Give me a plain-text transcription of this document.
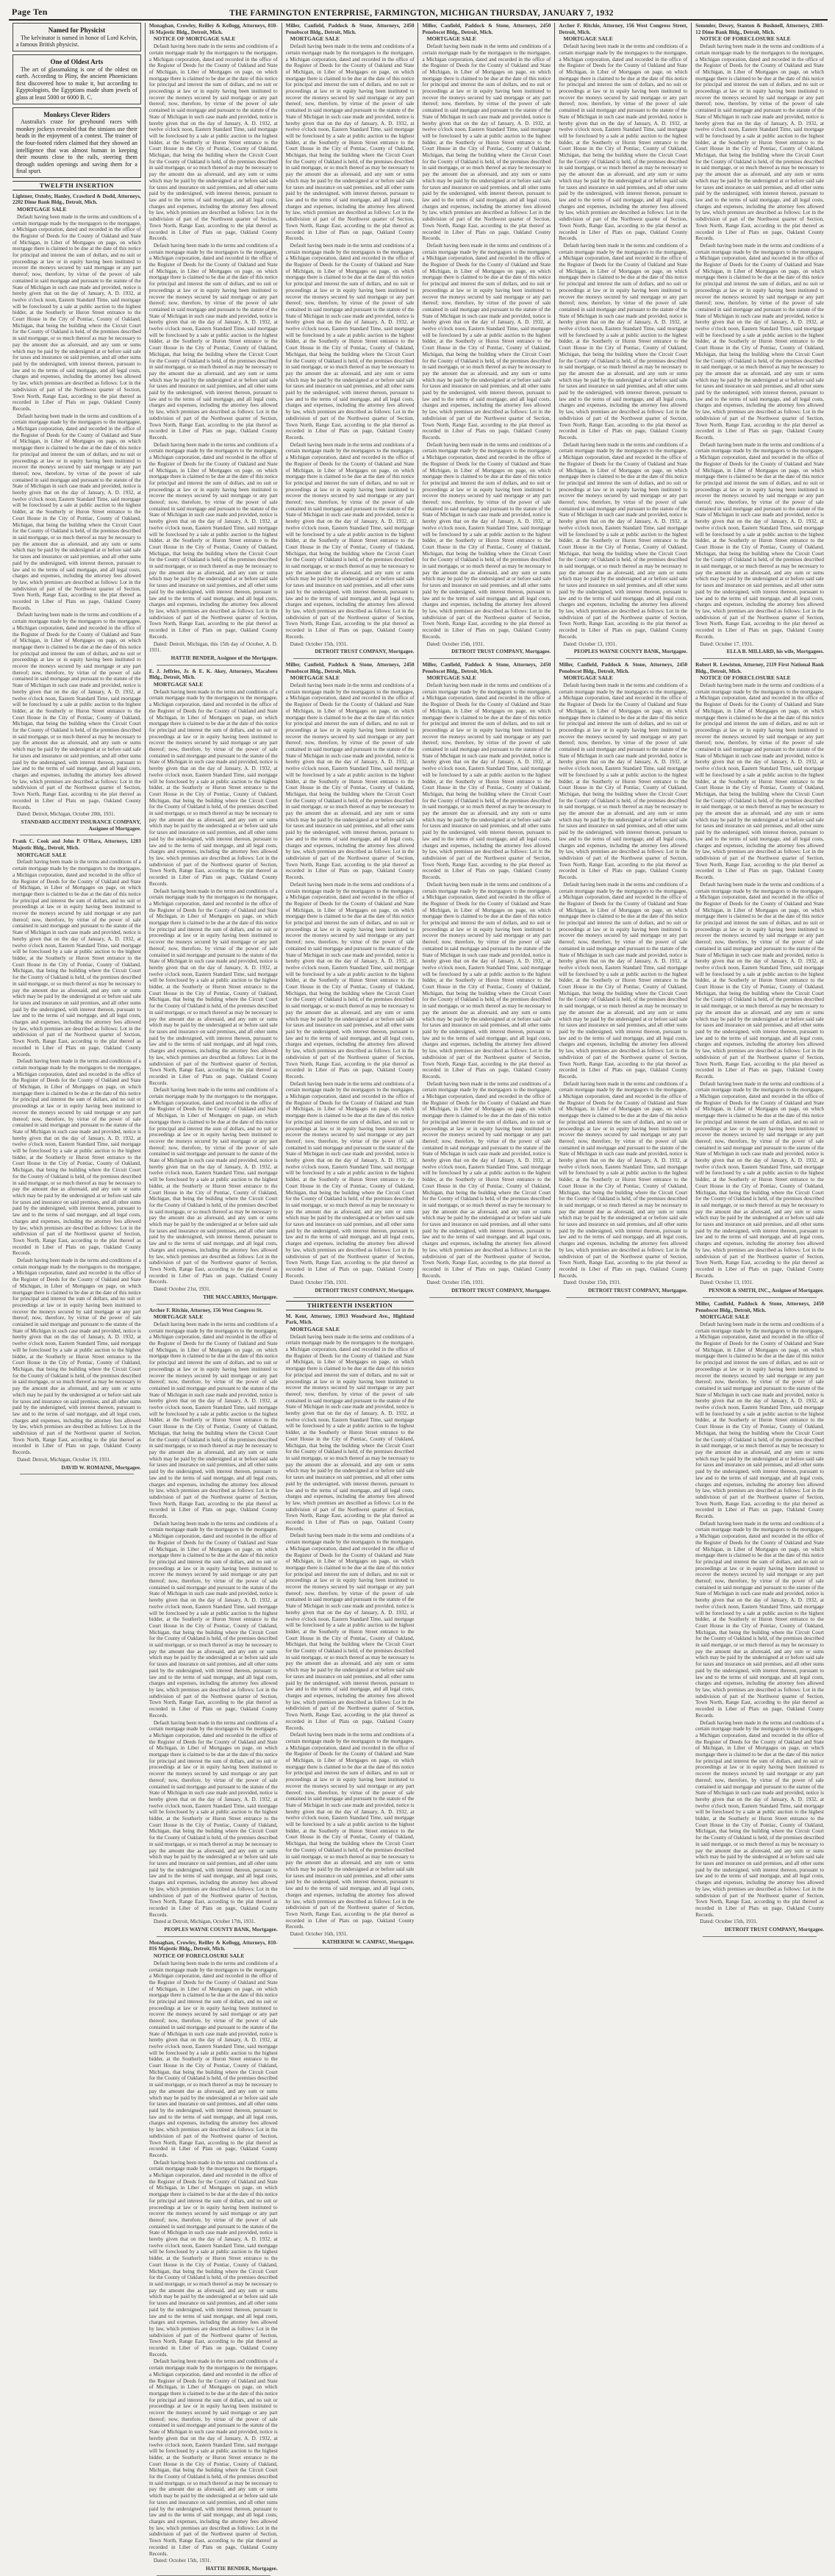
Page Ten	THE FARMINGTON ENTERPRISE, FARMINGTON, MICHIGAN THURSDAY, JANUARY 7, 1932
Named for Physicist

The kelvinator is named in honor of Lord Kelvin, a famous British physicist.

One of Oldest Arts

The art of glassmaking is one of the oldest on earth. According to Pliny, the ancient Phoenicians first discovered how to make it, but according to Egyptologists, the Egyptians made sham jewels of glass at least 5000 or 6000 B. C.

Monkeys Clever Riders

Australia's craze for greyhound races with monkey jockeys revealed that the simians use their heads in the enjoyment of a contest. The trainer of the four-footed riders claimed that they showed an intelligence that was almost human in keeping their mounts close to the rails, steering them through sudden openings and saving them for a final spurt.

TWELFTH INSERTION

Lightner, Oxtoby, Hanley, Crawford & Dodd, Attorneys, 2202 Dime Bank Bldg., Detroit, Mich.

MORTGAGE SALE

Default having been made in the terms and conditions of a certain mortgage made by the mortgagors to the mortgagee, a Michigan corporation, dated and recorded in the office of the Register of Deeds for the County of Oakland and State of Michigan, in Liber of Mortgages on page, on which mortgage there is claimed to be due at the date of this notice for principal and interest the sum of dollars, and no suit or proceedings at law or in equity having been instituted to recover the moneys secured by said mortgage or any part thereof; now, therefore, by virtue of the power of sale contained in said mortgage and pursuant to the statute of the State of Michigan in such case made and provided, notice is hereby given that on the day of January, A. D. 1932, at twelve o'clock noon, Eastern Standard Time, said mortgage will be foreclosed by a sale at public auction to the highest bidder, at the Southerly or Huron Street entrance to the Court House in the City of Pontiac, County of Oakland, Michigan, that being the building where the Circuit Court for the County of Oakland is held, of the premises described in said mortgage, or so much thereof as may be necessary to pay the amount due as aforesaid, and any sum or sums which may be paid by the undersigned at or before said sale for taxes and insurance on said premises, and all other sums paid by the undersigned, with interest thereon, pursuant to law and to the terms of said mortgage, and all legal costs, charges and expenses, including the attorney fees allowed by law, which premises are described as follows: Lot in the subdivision of part of the Northwest quarter of Section, Town North, Range East, according to the plat thereof as recorded in Liber of Plats on page, Oakland County Records.

Default having been made in the terms and conditions of a certain mortgage made by the mortgagors to the mortgagee, a Michigan corporation, dated and recorded in the office of the Register of Deeds for the County of Oakland and State of Michigan, in Liber of Mortgages on page, on which mortgage there is claimed to be due at the date of this notice for principal and interest the sum of dollars, and no suit or proceedings at law or in equity having been instituted to recover the moneys secured by said mortgage or any part thereof; now, therefore, by virtue of the power of sale contained in said mortgage and pursuant to the statute of the State of Michigan in such case made and provided, notice is hereby given that on the day of January, A. D. 1932, at twelve o'clock noon, Eastern Standard Time, said mortgage will be foreclosed by a sale at public auction to the highest bidder, at the Southerly or Huron Street entrance to the Court House in the City of Pontiac, County of Oakland, Michigan, that being the building where the Circuit Court for the County of Oakland is held, of the premises described in said mortgage, or so much thereof as may be necessary to pay the amount due as aforesaid, and any sum or sums which may be paid by the undersigned at or before said sale for taxes and insurance on said premises, and all other sums paid by the undersigned, with interest thereon, pursuant to law and to the terms of said mortgage, and all legal costs, charges and expenses, including the attorney fees allowed by law, which premises are described as follows: Lot in the subdivision of part of the Northwest quarter of Section, Town North, Range East, according to the plat thereof as recorded in Liber of Plats on page, Oakland County Records.

Default having been made in the terms and conditions of a certain mortgage made by the mortgagors to the mortgagee, a Michigan corporation, dated and recorded in the office of the Register of Deeds for the County of Oakland and State of Michigan, in Liber of Mortgages on page, on which mortgage there is claimed to be due at the date of this notice for principal and interest the sum of dollars, and no suit or proceedings at law or in equity having been instituted to recover the moneys secured by said mortgage or any part thereof; now, therefore, by virtue of the power of sale contained in said mortgage and pursuant to the statute of the State of Michigan in such case made and provided, notice is hereby given that on the day of January, A. D. 1932, at twelve o'clock noon, Eastern Standard Time, said mortgage will be foreclosed by a sale at public auction to the highest bidder, at the Southerly or Huron Street entrance to the Court House in the City of Pontiac, County of Oakland, Michigan, that being the building where the Circuit Court for the County of Oakland is held, of the premises described in said mortgage, or so much thereof as may be necessary to pay the amount due as aforesaid, and any sum or sums which may be paid by the undersigned at or before said sale for taxes and insurance on said premises, and all other sums paid by the undersigned, with interest thereon, pursuant to law and to the terms of said mortgage, and all legal costs, charges and expenses, including the attorney fees allowed by law, which premises are described as follows: Lot in the subdivision of part of the Northwest quarter of Section, Town North, Range East, according to the plat thereof as recorded in Liber of Plats on page, Oakland County Records.

Dated: Detroit, Michigan, October 20th, 1931.

STANDARD ACCIDENT INSURANCE COMPANY, Assignee of Mortgagee.

Frank C. Cook and John P. O'Hara, Attorneys, 1203 Majestic Bldg., Detroit, Mich.

MORTGAGE SALE

Default having been made in the terms and conditions of a certain mortgage made by the mortgagors to the mortgagee, a Michigan corporation, dated and recorded in the office of the Register of Deeds for the County of Oakland and State of Michigan, in Liber of Mortgages on page, on which mortgage there is claimed to be due at the date of this notice for principal and interest the sum of dollars, and no suit or proceedings at law or in equity having been instituted to recover the moneys secured by said mortgage or any part thereof; now, therefore, by virtue of the power of sale contained in said mortgage and pursuant to the statute of the State of Michigan in such case made and provided, notice is hereby given that on the day of January, A. D. 1932, at twelve o'clock noon, Eastern Standard Time, said mortgage will be foreclosed by a sale at public auction to the highest bidder, at the Southerly or Huron Street entrance to the Court House in the City of Pontiac, County of Oakland, Michigan, that being the building where the Circuit Court for the County of Oakland is held, of the premises described in said mortgage, or so much thereof as may be necessary to pay the amount due as aforesaid, and any sum or sums which may be paid by the undersigned at or before said sale for taxes and insurance on said premises, and all other sums paid by the undersigned, with interest thereon, pursuant to law and to the terms of said mortgage, and all legal costs, charges and expenses, including the attorney fees allowed by law, which premises are described as follows: Lot in the subdivision of part of the Northwest quarter of Section, Town North, Range East, according to the plat thereof as recorded in Liber of Plats on page, Oakland County Records.

Default having been made in the terms and conditions of a certain mortgage made by the mortgagors to the mortgagee, a Michigan corporation, dated and recorded in the office of the Register of Deeds for the County of Oakland and State of Michigan, in Liber of Mortgages on page, on which mortgage there is claimed to be due at the date of this notice for principal and interest the sum of dollars, and no suit or proceedings at law or in equity having been instituted to recover the moneys secured by said mortgage or any part thereof; now, therefore, by virtue of the power of sale contained in said mortgage and pursuant to the statute of the State of Michigan in such case made and provided, notice is hereby given that on the day of January, A. D. 1932, at twelve o'clock noon, Eastern Standard Time, said mortgage will be foreclosed by a sale at public auction to the highest bidder, at the Southerly or Huron Street entrance to the Court House in the City of Pontiac, County of Oakland, Michigan, that being the building where the Circuit Court for the County of Oakland is held, of the premises described in said mortgage, or so much thereof as may be necessary to pay the amount due as aforesaid, and any sum or sums which may be paid by the undersigned at or before said sale for taxes and insurance on said premises, and all other sums paid by the undersigned, with interest thereon, pursuant to law and to the terms of said mortgage, and all legal costs, charges and expenses, including the attorney fees allowed by law, which premises are described as follows: Lot in the subdivision of part of the Northwest quarter of Section, Town North, Range East, according to the plat thereof as recorded in Liber of Plats on page, Oakland County Records.

Default having been made in the terms and conditions of a certain mortgage made by the mortgagors to the mortgagee, a Michigan corporation, dated and recorded in the office of the Register of Deeds for the County of Oakland and State of Michigan, in Liber of Mortgages on page, on which mortgage there is claimed to be due at the date of this notice for principal and interest the sum of dollars, and no suit or proceedings at law or in equity having been instituted to recover the moneys secured by said mortgage or any part thereof; now, therefore, by virtue of the power of sale contained in said mortgage and pursuant to the statute of the State of Michigan in such case made and provided, notice is hereby given that on the day of January, A. D. 1932, at twelve o'clock noon, Eastern Standard Time, said mortgage will be foreclosed by a sale at public auction to the highest bidder, at the Southerly or Huron Street entrance to the Court House in the City of Pontiac, County of Oakland, Michigan, that being the building where the Circuit Court for the County of Oakland is held, of the premises described in said mortgage, or so much thereof as may be necessary to pay the amount due as aforesaid, and any sum or sums which may be paid by the undersigned at or before said sale for taxes and insurance on said premises, and all other sums paid by the undersigned, with interest thereon, pursuant to law and to the terms of said mortgage, and all legal costs, charges and expenses, including the attorney fees allowed by law, which premises are described as follows: Lot in the subdivision of part of the Northwest quarter of Section, Town North, Range East, according to the plat thereof as recorded in Liber of Plats on page, Oakland County Records.

Dated: Detroit, Michigan, October 19, 1931.

DAVID W. ROMAINE, Mortgagee.

Monaghan, Crowley, Reilley & Kellogg, Attorneys, 810-16 Majestic Bldg., Detroit, Mich.

NOTICE OF MORTGAGE SALE

Default having been made in the terms and conditions of a certain mortgage made by the mortgagors to the mortgagee, a Michigan corporation, dated and recorded in the office of the Register of Deeds for the County of Oakland and State of Michigan, in Liber of Mortgages on page, on which mortgage there is claimed to be due at the date of this notice for principal and interest the sum of dollars, and no suit or proceedings at law or in equity having been instituted to recover the moneys secured by said mortgage or any part thereof; now, therefore, by virtue of the power of sale contained in said mortgage and pursuant to the statute of the State of Michigan in such case made and provided, notice is hereby given that on the day of January, A. D. 1932, at twelve o'clock noon, Eastern Standard Time, said mortgage will be foreclosed by a sale at public auction to the highest bidder, at the Southerly or Huron Street entrance to the Court House in the City of Pontiac, County of Oakland, Michigan, that being the building where the Circuit Court for the County of Oakland is held, of the premises described in said mortgage, or so much thereof as may be necessary to pay the amount due as aforesaid, and any sum or sums which may be paid by the undersigned at or before said sale for taxes and insurance on said premises, and all other sums paid by the undersigned, with interest thereon, pursuant to law and to the terms of said mortgage, and all legal costs, charges and expenses, including the attorney fees allowed by law, which premises are described as follows: Lot in the subdivision of part of the Northwest quarter of Section, Town North, Range East, according to the plat thereof as recorded in Liber of Plats on page, Oakland County Records.

Default having been made in the terms and conditions of a certain mortgage made by the mortgagors to the mortgagee, a Michigan corporation, dated and recorded in the office of the Register of Deeds for the County of Oakland and State of Michigan, in Liber of Mortgages on page, on which mortgage there is claimed to be due at the date of this notice for principal and interest the sum of dollars, and no suit or proceedings at law or in equity having been instituted to recover the moneys secured by said mortgage or any part thereof; now, therefore, by virtue of the power of sale contained in said mortgage and pursuant to the statute of the State of Michigan in such case made and provided, notice is hereby given that on the day of January, A. D. 1932, at twelve o'clock noon, Eastern Standard Time, said mortgage will be foreclosed by a sale at public auction to the highest bidder, at the Southerly or Huron Street entrance to the Court House in the City of Pontiac, County of Oakland, Michigan, that being the building where the Circuit Court for the County of Oakland is held, of the premises described in said mortgage, or so much thereof as may be necessary to pay the amount due as aforesaid, and any sum or sums which may be paid by the undersigned at or before said sale for taxes and insurance on said premises, and all other sums paid by the undersigned, with interest thereon, pursuant to law and to the terms of said mortgage, and all legal costs, charges and expenses, including the attorney fees allowed by law, which premises are described as follows: Lot in the subdivision of part of the Northwest quarter of Section, Town North, Range East, according to the plat thereof as recorded in Liber of Plats on page, Oakland County Records.

Default having been made in the terms and conditions of a certain mortgage made by the mortgagors to the mortgagee, a Michigan corporation, dated and recorded in the office of the Register of Deeds for the County of Oakland and State of Michigan, in Liber of Mortgages on page, on which mortgage there is claimed to be due at the date of this notice for principal and interest the sum of dollars, and no suit or proceedings at law or in equity having been instituted to recover the moneys secured by said mortgage or any part thereof; now, therefore, by virtue of the power of sale contained in said mortgage and pursuant to the statute of the State of Michigan in such case made and provided, notice is hereby given that on the day of January, A. D. 1932, at twelve o'clock noon, Eastern Standard Time, said mortgage will be foreclosed by a sale at public auction to the highest bidder, at the Southerly or Huron Street entrance to the Court House in the City of Pontiac, County of Oakland, Michigan, that being the building where the Circuit Court for the County of Oakland is held, of the premises described in said mortgage, or so much thereof as may be necessary to pay the amount due as aforesaid, and any sum or sums which may be paid by the undersigned at or before said sale for taxes and insurance on said premises, and all other sums paid by the undersigned, with interest thereon, pursuant to law and to the terms of said mortgage, and all legal costs, charges and expenses, including the attorney fees allowed by law, which premises are described as follows: Lot in the subdivision of part of the Northwest quarter of Section, Town North, Range East, according to the plat thereof as recorded in Liber of Plats on page, Oakland County Records.

Dated: Detroit, Michigan, this 15th day of October, A. D. 1931.

HATTIE BENDER, Assignee of the Mortgagee.

E. J. Jeffries, Jr. & E. K. Akey, Attorneys, Macabees Bldg., Detroit, Mich.

MORTGAGE SALE

Default having been made in the terms and conditions of a certain mortgage made by the mortgagors to the mortgagee, a Michigan corporation, dated and recorded in the office of the Register of Deeds for the County of Oakland and State of Michigan, in Liber of Mortgages on page, on which mortgage there is claimed to be due at the date of this notice for principal and interest the sum of dollars, and no suit or proceedings at law or in equity having been instituted to recover the moneys secured by said mortgage or any part thereof; now, therefore, by virtue of the power of sale contained in said mortgage and pursuant to the statute of the State of Michigan in such case made and provided, notice is hereby given that on the day of January, A. D. 1932, at twelve o'clock noon, Eastern Standard Time, said mortgage will be foreclosed by a sale at public auction to the highest bidder, at the Southerly or Huron Street entrance to the Court House in the City of Pontiac, County of Oakland, Michigan, that being the building where the Circuit Court for the County of Oakland is held, of the premises described in said mortgage, or so much thereof as may be necessary to pay the amount due as aforesaid, and any sum or sums which may be paid by the undersigned at or before said sale for taxes and insurance on said premises, and all other sums paid by the undersigned, with interest thereon, pursuant to law and to the terms of said mortgage, and all legal costs, charges and expenses, including the attorney fees allowed by law, which premises are described as follows: Lot in the subdivision of part of the Northwest quarter of Section, Town North, Range East, according to the plat thereof as recorded in Liber of Plats on page, Oakland County Records.

Default having been made in the terms and conditions of a certain mortgage made by the mortgagors to the mortgagee, a Michigan corporation, dated and recorded in the office of the Register of Deeds for the County of Oakland and State of Michigan, in Liber of Mortgages on page, on which mortgage there is claimed to be due at the date of this notice for principal and interest the sum of dollars, and no suit or proceedings at law or in equity having been instituted to recover the moneys secured by said mortgage or any part thereof; now, therefore, by virtue of the power of sale contained in said mortgage and pursuant to the statute of the State of Michigan in such case made and provided, notice is hereby given that on the day of January, A. D. 1932, at twelve o'clock noon, Eastern Standard Time, said mortgage will be foreclosed by a sale at public auction to the highest bidder, at the Southerly or Huron Street entrance to the Court House in the City of Pontiac, County of Oakland, Michigan, that being the building where the Circuit Court for the County of Oakland is held, of the premises described in said mortgage, or so much thereof as may be necessary to pay the amount due as aforesaid, and any sum or sums which may be paid by the undersigned at or before said sale for taxes and insurance on said premises, and all other sums paid by the undersigned, with interest thereon, pursuant to law and to the terms of said mortgage, and all legal costs, charges and expenses, including the attorney fees allowed by law, which premises are described as follows: Lot in the subdivision of part of the Northwest quarter of Section, Town North, Range East, according to the plat thereof as recorded in Liber of Plats on page, Oakland County Records.

Default having been made in the terms and conditions of a certain mortgage made by the mortgagors to the mortgagee, a Michigan corporation, dated and recorded in the office of the Register of Deeds for the County of Oakland and State of Michigan, in Liber of Mortgages on page, on which mortgage there is claimed to be due at the date of this notice for principal and interest the sum of dollars, and no suit or proceedings at law or in equity having been instituted to recover the moneys secured by said mortgage or any part thereof; now, therefore, by virtue of the power of sale contained in said mortgage and pursuant to the statute of the State of Michigan in such case made and provided, notice is hereby given that on the day of January, A. D. 1932, at twelve o'clock noon, Eastern Standard Time, said mortgage will be foreclosed by a sale at public auction to the highest bidder, at the Southerly or Huron Street entrance to the Court House in the City of Pontiac, County of Oakland, Michigan, that being the building where the Circuit Court for the County of Oakland is held, of the premises described in said mortgage, or so much thereof as may be necessary to pay the amount due as aforesaid, and any sum or sums which may be paid by the undersigned at or before said sale for taxes and insurance on said premises, and all other sums paid by the undersigned, with interest thereon, pursuant to law and to the terms of said mortgage, and all legal costs, charges and expenses, including the attorney fees allowed by law, which premises are described as follows: Lot in the subdivision of part of the Northwest quarter of Section, Town North, Range East, according to the plat thereof as recorded in Liber of Plats on page, Oakland County Records.

Dated: October 21st, 1931.

THE MACCABEES, Mortgagee.

Archer F. Ritchie, Attorney, 156 West Congress St.

MORTGAGE SALE

Default having been made in the terms and conditions of a certain mortgage made by the mortgagors to the mortgagee, a Michigan corporation, dated and recorded in the office of the Register of Deeds for the County of Oakland and State of Michigan, in Liber of Mortgages on page, on which mortgage there is claimed to be due at the date of this notice for principal and interest the sum of dollars, and no suit or proceedings at law or in equity having been instituted to recover the moneys secured by said mortgage or any part thereof; now, therefore, by virtue of the power of sale contained in said mortgage and pursuant to the statute of the State of Michigan in such case made and provided, notice is hereby given that on the day of January, A. D. 1932, at twelve o'clock noon, Eastern Standard Time, said mortgage will be foreclosed by a sale at public auction to the highest bidder, at the Southerly or Huron Street entrance to the Court House in the City of Pontiac, County of Oakland, Michigan, that being the building where the Circuit Court for the County of Oakland is held, of the premises described in said mortgage, or so much thereof as may be necessary to pay the amount due as aforesaid, and any sum or sums which may be paid by the undersigned at or before said sale for taxes and insurance on said premises, and all other sums paid by the undersigned, with interest thereon, pursuant to law and to the terms of said mortgage, and all legal costs, charges and expenses, including the attorney fees allowed by law, which premises are described as follows: Lot in the subdivision of part of the Northwest quarter of Section, Town North, Range East, according to the plat thereof as recorded in Liber of Plats on page, Oakland County Records.

Default having been made in the terms and conditions of a certain mortgage made by the mortgagors to the mortgagee, a Michigan corporation, dated and recorded in the office of the Register of Deeds for the County of Oakland and State of Michigan, in Liber of Mortgages on page, on which mortgage there is claimed to be due at the date of this notice for principal and interest the sum of dollars, and no suit or proceedings at law or in equity having been instituted to recover the moneys secured by said mortgage or any part thereof; now, therefore, by virtue of the power of sale contained in said mortgage and pursuant to the statute of the State of Michigan in such case made and provided, notice is hereby given that on the day of January, A. D. 1932, at twelve o'clock noon, Eastern Standard Time, said mortgage will be foreclosed by a sale at public auction to the highest bidder, at the Southerly or Huron Street entrance to the Court House in the City of Pontiac, County of Oakland, Michigan, that being the building where the Circuit Court for the County of Oakland is held, of the premises described in said mortgage, or so much thereof as may be necessary to pay the amount due as aforesaid, and any sum or sums which may be paid by the undersigned at or before said sale for taxes and insurance on said premises, and all other sums paid by the undersigned, with interest thereon, pursuant to law and to the terms of said mortgage, and all legal costs, charges and expenses, including the attorney fees allowed by law, which premises are described as follows: Lot in the subdivision of part of the Northwest quarter of Section, Town North, Range East, according to the plat thereof as recorded in Liber of Plats on page, Oakland County Records.

Default having been made in the terms and conditions of a certain mortgage made by the mortgagors to the mortgagee, a Michigan corporation, dated and recorded in the office of the Register of Deeds for the County of Oakland and State of Michigan, in Liber of Mortgages on page, on which mortgage there is claimed to be due at the date of this notice for principal and interest the sum of dollars, and no suit or proceedings at law or in equity having been instituted to recover the moneys secured by said mortgage or any part thereof; now, therefore, by virtue of the power of sale contained in said mortgage and pursuant to the statute of the State of Michigan in such case made and provided, notice is hereby given that on the day of January, A. D. 1932, at twelve o'clock noon, Eastern Standard Time, said mortgage will be foreclosed by a sale at public auction to the highest bidder, at the Southerly or Huron Street entrance to the Court House in the City of Pontiac, County of Oakland, Michigan, that being the building where the Circuit Court for the County of Oakland is held, of the premises described in said mortgage, or so much thereof as may be necessary to pay the amount due as aforesaid, and any sum or sums which may be paid by the undersigned at or before said sale for taxes and insurance on said premises, and all other sums paid by the undersigned, with interest thereon, pursuant to law and to the terms of said mortgage, and all legal costs, charges and expenses, including the attorney fees allowed by law, which premises are described as follows: Lot in the subdivision of part of the Northwest quarter of Section, Town North, Range East, according to the plat thereof as recorded in Liber of Plats on page, Oakland County Records.

Dated at Detroit, Michigan, October 17th, 1931.

PEOPLES WAYNE COUNTY BANK, Mortgagee.

Monaghan, Crowley, Reilley & Kellogg, Attorneys, 810-816 Majestic Bldg., Detroit, Mich.

NOTICE OF FORECLOSURE SALE

Default having been made in the terms and conditions of a certain mortgage made by the mortgagors to the mortgagee, a Michigan corporation, dated and recorded in the office of the Register of Deeds for the County of Oakland and State of Michigan, in Liber of Mortgages on page, on which mortgage there is claimed to be due at the date of this notice for principal and interest the sum of dollars, and no suit or proceedings at law or in equity having been instituted to recover the moneys secured by said mortgage or any part thereof; now, therefore, by virtue of the power of sale contained in said mortgage and pursuant to the statute of the State of Michigan in such case made and provided, notice is hereby given that on the day of January, A. D. 1932, at twelve o'clock noon, Eastern Standard Time, said mortgage will be foreclosed by a sale at public auction to the highest bidder, at the Southerly or Huron Street entrance to the Court House in the City of Pontiac, County of Oakland, Michigan, that being the building where the Circuit Court for the County of Oakland is held, of the premises described in said mortgage, or so much thereof as may be necessary to pay the amount due as aforesaid, and any sum or sums which may be paid by the undersigned at or before said sale for taxes and insurance on said premises, and all other sums paid by the undersigned, with interest thereon, pursuant to law and to the terms of said mortgage, and all legal costs, charges and expenses, including the attorney fees allowed by law, which premises are described as follows: Lot in the subdivision of part of the Northwest quarter of Section, Town North, Range East, according to the plat thereof as recorded in Liber of Plats on page, Oakland County Records.

Default having been made in the terms and conditions of a certain mortgage made by the mortgagors to the mortgagee, a Michigan corporation, dated and recorded in the office of the Register of Deeds for the County of Oakland and State of Michigan, in Liber of Mortgages on page, on which mortgage there is claimed to be due at the date of this notice for principal and interest the sum of dollars, and no suit or proceedings at law or in equity having been instituted to recover the moneys secured by said mortgage or any part thereof; now, therefore, by virtue of the power of sale contained in said mortgage and pursuant to the statute of the State of Michigan in such case made and provided, notice is hereby given that on the day of January, A. D. 1932, at twelve o'clock noon, Eastern Standard Time, said mortgage will be foreclosed by a sale at public auction to the highest bidder, at the Southerly or Huron Street entrance to the Court House in the City of Pontiac, County of Oakland, Michigan, that being the building where the Circuit Court for the County of Oakland is held, of the premises described in said mortgage, or so much thereof as may be necessary to pay the amount due as aforesaid, and any sum or sums which may be paid by the undersigned at or before said sale for taxes and insurance on said premises, and all other sums paid by the undersigned, with interest thereon, pursuant to law and to the terms of said mortgage, and all legal costs, charges and expenses, including the attorney fees allowed by law, which premises are described as follows: Lot in the subdivision of part of the Northwest quarter of Section, Town North, Range East, according to the plat thereof as recorded in Liber of Plats on page, Oakland County Records.

Default having been made in the terms and conditions of a certain mortgage made by the mortgagors to the mortgagee, a Michigan corporation, dated and recorded in the office of the Register of Deeds for the County of Oakland and State of Michigan, in Liber of Mortgages on page, on which mortgage there is claimed to be due at the date of this notice for principal and interest the sum of dollars, and no suit or proceedings at law or in equity having been instituted to recover the moneys secured by said mortgage or any part thereof; now, therefore, by virtue of the power of sale contained in said mortgage and pursuant to the statute of the State of Michigan in such case made and provided, notice is hereby given that on the day of January, A. D. 1932, at twelve o'clock noon, Eastern Standard Time, said mortgage will be foreclosed by a sale at public auction to the highest bidder, at the Southerly or Huron Street entrance to the Court House in the City of Pontiac, County of Oakland, Michigan, that being the building where the Circuit Court for the County of Oakland is held, of the premises described in said mortgage, or so much thereof as may be necessary to pay the amount due as aforesaid, and any sum or sums which may be paid by the undersigned at or before said sale for taxes and insurance on said premises, and all other sums paid by the undersigned, with interest thereon, pursuant to law and to the terms of said mortgage, and all legal costs, charges and expenses, including the attorney fees allowed by law, which premises are described as follows: Lot in the subdivision of part of the Northwest quarter of Section, Town North, Range East, according to the plat thereof as recorded in Liber of Plats on page, Oakland County Records.

Dated: October 15th, 1931.

HATTIE BENDER, Mortgagee.

Miller, Canfield, Paddock & Stone, Attorneys, 2450 Penobscot Bldg., Detroit, Mich.

MORTGAGE SALE

Default having been made in the terms and conditions of a certain mortgage made by the mortgagors to the mortgagee, a Michigan corporation, dated and recorded in the office of the Register of Deeds for the County of Oakland and State of Michigan, in Liber of Mortgages on page, on which mortgage there is claimed to be due at the date of this notice for principal and interest the sum of dollars, and no suit or proceedings at law or in equity having been instituted to recover the moneys secured by said mortgage or any part thereof; now, therefore, by virtue of the power of sale contained in said mortgage and pursuant to the statute of the State of Michigan in such case made and provided, notice is hereby given that on the day of January, A. D. 1932, at twelve o'clock noon, Eastern Standard Time, said mortgage will be foreclosed by a sale at public auction to the highest bidder, at the Southerly or Huron Street entrance to the Court House in the City of Pontiac, County of Oakland, Michigan, that being the building where the Circuit Court for the County of Oakland is held, of the premises described in said mortgage, or so much thereof as may be necessary to pay the amount due as aforesaid, and any sum or sums which may be paid by the undersigned at or before said sale for taxes and insurance on said premises, and all other sums paid by the undersigned, with interest thereon, pursuant to law and to the terms of said mortgage, and all legal costs, charges and expenses, including the attorney fees allowed by law, which premises are described as follows: Lot in the subdivision of part of the Northwest quarter of Section, Town North, Range East, according to the plat thereof as recorded in Liber of Plats on page, Oakland County Records.

Default having been made in the terms and conditions of a certain mortgage made by the mortgagors to the mortgagee, a Michigan corporation, dated and recorded in the office of the Register of Deeds for the County of Oakland and State of Michigan, in Liber of Mortgages on page, on which mortgage there is claimed to be due at the date of this notice for principal and interest the sum of dollars, and no suit or proceedings at law or in equity having been instituted to recover the moneys secured by said mortgage or any part thereof; now, therefore, by virtue of the power of sale contained in said mortgage and pursuant to the statute of the State of Michigan in such case made and provided, notice is hereby given that on the day of January, A. D. 1932, at twelve o'clock noon, Eastern Standard Time, said mortgage will be foreclosed by a sale at public auction to the highest bidder, at the Southerly or Huron Street entrance to the Court House in the City of Pontiac, County of Oakland, Michigan, that being the building where the Circuit Court for the County of Oakland is held, of the premises described in said mortgage, or so much thereof as may be necessary to pay the amount due as aforesaid, and any sum or sums which may be paid by the undersigned at or before said sale for taxes and insurance on said premises, and all other sums paid by the undersigned, with interest thereon, pursuant to law and to the terms of said mortgage, and all legal costs, charges and expenses, including the attorney fees allowed by law, which premises are described as follows: Lot in the subdivision of part of the Northwest quarter of Section, Town North, Range East, according to the plat thereof as recorded in Liber of Plats on page, Oakland County Records.

Default having been made in the terms and conditions of a certain mortgage made by the mortgagors to the mortgagee, a Michigan corporation, dated and recorded in the office of the Register of Deeds for the County of Oakland and State of Michigan, in Liber of Mortgages on page, on which mortgage there is claimed to be due at the date of this notice for principal and interest the sum of dollars, and no suit or proceedings at law or in equity having been instituted to recover the moneys secured by said mortgage or any part thereof; now, therefore, by virtue of the power of sale contained in said mortgage and pursuant to the statute of the State of Michigan in such case made and provided, notice is hereby given that on the day of January, A. D. 1932, at twelve o'clock noon, Eastern Standard Time, said mortgage will be foreclosed by a sale at public auction to the highest bidder, at the Southerly or Huron Street entrance to the Court House in the City of Pontiac, County of Oakland, Michigan, that being the building where the Circuit Court for the County of Oakland is held, of the premises described in said mortgage, or so much thereof as may be necessary to pay the amount due as aforesaid, and any sum or sums which may be paid by the undersigned at or before said sale for taxes and insurance on said premises, and all other sums paid by the undersigned, with interest thereon, pursuant to law and to the terms of said mortgage, and all legal costs, charges and expenses, including the attorney fees allowed by law, which premises are described as follows: Lot in the subdivision of part of the Northwest quarter of Section, Town North, Range East, according to the plat thereof as recorded in Liber of Plats on page, Oakland County Records.

Dated: October 15th, 1931.

DETROIT TRUST COMPANY, Mortgagee.

Miller, Canfield, Paddock & Stone, Attorneys, 2450 Penobscot Bldg., Detroit, Mich.

MORTGAGE SALE

Default having been made in the terms and conditions of a certain mortgage made by the mortgagors to the mortgagee, a Michigan corporation, dated and recorded in the office of the Register of Deeds for the County of Oakland and State of Michigan, in Liber of Mortgages on page, on which mortgage there is claimed to be due at the date of this notice for principal and interest the sum of dollars, and no suit or proceedings at law or in equity having been instituted to recover the moneys secured by said mortgage or any part thereof; now, therefore, by virtue of the power of sale contained in said mortgage and pursuant to the statute of the State of Michigan in such case made and provided, notice is hereby given that on the day of January, A. D. 1932, at twelve o'clock noon, Eastern Standard Time, said mortgage will be foreclosed by a sale at public auction to the highest bidder, at the Southerly or Huron Street entrance to the Court House in the City of Pontiac, County of Oakland, Michigan, that being the building where the Circuit Court for the County of Oakland is held, of the premises described in said mortgage, or so much thereof as may be necessary to pay the amount due as aforesaid, and any sum or sums which may be paid by the undersigned at or before said sale for taxes and insurance on said premises, and all other sums paid by the undersigned, with interest thereon, pursuant to law and to the terms of said mortgage, and all legal costs, charges and expenses, including the attorney fees allowed by law, which premises are described as follows: Lot in the subdivision of part of the Northwest quarter of Section, Town North, Range East, according to the plat thereof as recorded in Liber of Plats on page, Oakland County Records.

Default having been made in the terms and conditions of a certain mortgage made by the mortgagors to the mortgagee, a Michigan corporation, dated and recorded in the office of the Register of Deeds for the County of Oakland and State of Michigan, in Liber of Mortgages on page, on which mortgage there is claimed to be due at the date of this notice for principal and interest the sum of dollars, and no suit or proceedings at law or in equity having been instituted to recover the moneys secured by said mortgage or any part thereof; now, therefore, by virtue of the power of sale contained in said mortgage and pursuant to the statute of the State of Michigan in such case made and provided, notice is hereby given that on the day of January, A. D. 1932, at twelve o'clock noon, Eastern Standard Time, said mortgage will be foreclosed by a sale at public auction to the highest bidder, at the Southerly or Huron Street entrance to the Court House in the City of Pontiac, County of Oakland, Michigan, that being the building where the Circuit Court for the County of Oakland is held, of the premises described in said mortgage, or so much thereof as may be necessary to pay the amount due as aforesaid, and any sum or sums which may be paid by the undersigned at or before said sale for taxes and insurance on said premises, and all other sums paid by the undersigned, with interest thereon, pursuant to law and to the terms of said mortgage, and all legal costs, charges and expenses, including the attorney fees allowed by law, which premises are described as follows: Lot in the subdivision of part of the Northwest quarter of Section, Town North, Range East, according to the plat thereof as recorded in Liber of Plats on page, Oakland County Records.

Default having been made in the terms and conditions of a certain mortgage made by the mortgagors to the mortgagee, a Michigan corporation, dated and recorded in the office of the Register of Deeds for the County of Oakland and State of Michigan, in Liber of Mortgages on page, on which mortgage there is claimed to be due at the date of this notice for principal and interest the sum of dollars, and no suit or proceedings at law or in equity having been instituted to recover the moneys secured by said mortgage or any part thereof; now, therefore, by virtue of the power of sale contained in said mortgage and pursuant to the statute of the State of Michigan in such case made and provided, notice is hereby given that on the day of January, A. D. 1932, at twelve o'clock noon, Eastern Standard Time, said mortgage will be foreclosed by a sale at public auction to the highest bidder, at the Southerly or Huron Street entrance to the Court House in the City of Pontiac, County of Oakland, Michigan, that being the building where the Circuit Court for the County of Oakland is held, of the premises described in said mortgage, or so much thereof as may be necessary to pay the amount due as aforesaid, and any sum or sums which may be paid by the undersigned at or before said sale for taxes and insurance on said premises, and all other sums paid by the undersigned, with interest thereon, pursuant to law and to the terms of said mortgage, and all legal costs, charges and expenses, including the attorney fees allowed by law, which premises are described as follows: Lot in the subdivision of part of the Northwest quarter of Section, Town North, Range East, according to the plat thereof as recorded in Liber of Plats on page, Oakland County Records.

Dated: October 15th, 1931.

DETROIT TRUST COMPANY, Mortgagee.

THIRTEENTH INSERTION

M. Kent, Attorney, 13913 Woodward Ave., Highland Park, Mich.

MORTGAGE SALE

Default having been made in the terms and conditions of a certain mortgage made by the mortgagors to the mortgagee, a Michigan corporation, dated and recorded in the office of the Register of Deeds for the County of Oakland and State of Michigan, in Liber of Mortgages on page, on which mortgage there is claimed to be due at the date of this notice for principal and interest the sum of dollars, and no suit or proceedings at law or in equity having been instituted to recover the moneys secured by said mortgage or any part thereof; now, therefore, by virtue of the power of sale contained in said mortgage and pursuant to the statute of the State of Michigan in such case made and provided, notice is hereby given that on the day of January, A. D. 1932, at twelve o'clock noon, Eastern Standard Time, said mortgage will be foreclosed by a sale at public auction to the highest bidder, at the Southerly or Huron Street entrance to the Court House in the City of Pontiac, County of Oakland, Michigan, that being the building where the Circuit Court for the County of Oakland is held, of the premises described in said mortgage, or so much thereof as may be necessary to pay the amount due as aforesaid, and any sum or sums which may be paid by the undersigned at or before said sale for taxes and insurance on said premises, and all other sums paid by the undersigned, with interest thereon, pursuant to law and to the terms of said mortgage, and all legal costs, charges and expenses, including the attorney fees allowed by law, which premises are described as follows: Lot in the subdivision of part of the Northwest quarter of Section, Town North, Range East, according to the plat thereof as recorded in Liber of Plats on page, Oakland County Records.

Default having been made in the terms and conditions of a certain mortgage made by the mortgagors to the mortgagee, a Michigan corporation, dated and recorded in the office of the Register of Deeds for the County of Oakland and State of Michigan, in Liber of Mortgages on page, on which mortgage there is claimed to be due at the date of this notice for principal and interest the sum of dollars, and no suit or proceedings at law or in equity having been instituted to recover the moneys secured by said mortgage or any part thereof; now, therefore, by virtue of the power of sale contained in said mortgage and pursuant to the statute of the State of Michigan in such case made and provided, notice is hereby given that on the day of January, A. D. 1932, at twelve o'clock noon, Eastern Standard Time, said mortgage will be foreclosed by a sale at public auction to the highest bidder, at the Southerly or Huron Street entrance to the Court House in the City of Pontiac, County of Oakland, Michigan, that being the building where the Circuit Court for the County of Oakland is held, of the premises described in said mortgage, or so much thereof as may be necessary to pay the amount due as aforesaid, and any sum or sums which may be paid by the undersigned at or before said sale for taxes and insurance on said premises, and all other sums paid by the undersigned, with interest thereon, pursuant to law and to the terms of said mortgage, and all legal costs, charges and expenses, including the attorney fees allowed by law, which premises are described as follows: Lot in the subdivision of part of the Northwest quarter of Section, Town North, Range East, according to the plat thereof as recorded in Liber of Plats on page, Oakland County Records.

Default having been made in the terms and conditions of a certain mortgage made by the mortgagors to the mortgagee, a Michigan corporation, dated and recorded in the office of the Register of Deeds for the County of Oakland and State of Michigan, in Liber of Mortgages on page, on which mortgage there is claimed to be due at the date of this notice for principal and interest the sum of dollars, and no suit or proceedings at law or in equity having been instituted to recover the moneys secured by said mortgage or any part thereof; now, therefore, by virtue of the power of sale contained in said mortgage and pursuant to the statute of the State of Michigan in such case made and provided, notice is hereby given that on the day of January, A. D. 1932, at twelve o'clock noon, Eastern Standard Time, said mortgage will be foreclosed by a sale at public auction to the highest bidder, at the Southerly or Huron Street entrance to the Court House in the City of Pontiac, County of Oakland, Michigan, that being the building where the Circuit Court for the County of Oakland is held, of the premises described in said mortgage, or so much thereof as may be necessary to pay the amount due as aforesaid, and any sum or sums which may be paid by the undersigned at or before said sale for taxes and insurance on said premises, and all other sums paid by the undersigned, with interest thereon, pursuant to law and to the terms of said mortgage, and all legal costs, charges and expenses, including the attorney fees allowed by law, which premises are described as follows: Lot in the subdivision of part of the Northwest quarter of Section, Town North, Range East, according to the plat thereof as recorded in Liber of Plats on page, Oakland County Records.

Dated: October 16th, 1931.

KATHERINE W. CAMPAU, Mortgagee.

Miller, Canfield, Paddock & Stone, Attorneys, 2450 Penobscot Bldg., Detroit, Mich.

MORTGAGE SALE

Default having been made in the terms and conditions of a certain mortgage made by the mortgagors to the mortgagee, a Michigan corporation, dated and recorded in the office of the Register of Deeds for the County of Oakland and State of Michigan, in Liber of Mortgages on page, on which mortgage there is claimed to be due at the date of this notice for principal and interest the sum of dollars, and no suit or proceedings at law or in equity having been instituted to recover the moneys secured by said mortgage or any part thereof; now, therefore, by virtue of the power of sale contained in said mortgage and pursuant to the statute of the State of Michigan in such case made and provided, notice is hereby given that on the day of January, A. D. 1932, at twelve o'clock noon, Eastern Standard Time, said mortgage will be foreclosed by a sale at public auction to the highest bidder, at the Southerly or Huron Street entrance to the Court House in the City of Pontiac, County of Oakland, Michigan, that being the building where the Circuit Court for the County of Oakland is held, of the premises described in said mortgage, or so much thereof as may be necessary to pay the amount due as aforesaid, and any sum or sums which may be paid by the undersigned at or before said sale for taxes and insurance on said premises, and all other sums paid by the undersigned, with interest thereon, pursuant to law and to the terms of said mortgage, and all legal costs, charges and expenses, including the attorney fees allowed by law, which premises are described as follows: Lot in the subdivision of part of the Northwest quarter of Section, Town North, Range East, according to the plat thereof as recorded in Liber of Plats on page, Oakland County Records.

Default having been made in the terms and conditions of a certain mortgage made by the mortgagors to the mortgagee, a Michigan corporation, dated and recorded in the office of the Register of Deeds for the County of Oakland and State of Michigan, in Liber of Mortgages on page, on which mortgage there is claimed to be due at the date of this notice for principal and interest the sum of dollars, and no suit or proceedings at law or in equity having been instituted to recover the moneys secured by said mortgage or any part thereof; now, therefore, by virtue of the power of sale contained in said mortgage and pursuant to the statute of the State of Michigan in such case made and provided, notice is hereby given that on the day of January, A. D. 1932, at twelve o'clock noon, Eastern Standard Time, said mortgage will be foreclosed by a sale at public auction to the highest bidder, at the Southerly or Huron Street entrance to the Court House in the City of Pontiac, County of Oakland, Michigan, that being the building where the Circuit Court for the County of Oakland is held, of the premises described in said mortgage, or so much thereof as may be necessary to pay the amount due as aforesaid, and any sum or sums which may be paid by the undersigned at or before said sale for taxes and insurance on said premises, and all other sums paid by the undersigned, with interest thereon, pursuant to law and to the terms of said mortgage, and all legal costs, charges and expenses, including the attorney fees allowed by law, which premises are described as follows: Lot in the subdivision of part of the Northwest quarter of Section, Town North, Range East, according to the plat thereof as recorded in Liber of Plats on page, Oakland County Records.

Default having been made in the terms and conditions of a certain mortgage made by the mortgagors to the mortgagee, a Michigan corporation, dated and recorded in the office of the Register of Deeds for the County of Oakland and State of Michigan, in Liber of Mortgages on page, on which mortgage there is claimed to be due at the date of this notice for principal and interest the sum of dollars, and no suit or proceedings at law or in equity having been instituted to recover the moneys secured by said mortgage or any part thereof; now, therefore, by virtue of the power of sale contained in said mortgage and pursuant to the statute of the State of Michigan in such case made and provided, notice is hereby given that on the day of January, A. D. 1932, at twelve o'clock noon, Eastern Standard Time, said mortgage will be foreclosed by a sale at public auction to the highest bidder, at the Southerly or Huron Street entrance to the Court House in the City of Pontiac, County of Oakland, Michigan, that being the building where the Circuit Court for the County of Oakland is held, of the premises described in said mortgage, or so much thereof as may be necessary to pay the amount due as aforesaid, and any sum or sums which may be paid by the undersigned at or before said sale for taxes and insurance on said premises, and all other sums paid by the undersigned, with interest thereon, pursuant to law and to the terms of said mortgage, and all legal costs, charges and expenses, including the attorney fees allowed by law, which premises are described as follows: Lot in the subdivision of part of the Northwest quarter of Section, Town North, Range East, according to the plat thereof as recorded in Liber of Plats on page, Oakland County Records.

Dated: October 15th, 1931.

DETROIT TRUST COMPANY, Mortgagee.

Miller, Canfield, Paddock & Stone, Attorneys, 2450 Penobscot Bldg., Detroit, Mich.

MORTGAGE SALE

Default having been made in the terms and conditions of a certain mortgage made by the mortgagors to the mortgagee, a Michigan corporation, dated and recorded in the office of the Register of Deeds for the County of Oakland and State of Michigan, in Liber of Mortgages on page, on which mortgage there is claimed to be due at the date of this notice for principal and interest the sum of dollars, and no suit or proceedings at law or in equity having been instituted to recover the moneys secured by said mortgage or any part thereof; now, therefore, by virtue of the power of sale contained in said mortgage and pursuant to the statute of the State of Michigan in such case made and provided, notice is hereby given that on the day of January, A. D. 1932, at twelve o'clock noon, Eastern Standard Time, said mortgage will be foreclosed by a sale at public auction to the highest bidder, at the Southerly or Huron Street entrance to the Court House in the City of Pontiac, County of Oakland, Michigan, that being the building where the Circuit Court for the County of Oakland is held, of the premises described in said mortgage, or so much thereof as may be necessary to pay the amount due as aforesaid, and any sum or sums which may be paid by the undersigned at or before said sale for taxes and insurance on said premises, and all other sums paid by the undersigned, with interest thereon, pursuant to law and to the terms of said mortgage, and all legal costs, charges and expenses, including the attorney fees allowed by law, which premises are described as follows: Lot in the subdivision of part of the Northwest quarter of Section, Town North, Range East, according to the plat thereof as recorded in Liber of Plats on page, Oakland County Records.

Default having been made in the terms and conditions of a certain mortgage made by the mortgagors to the mortgagee, a Michigan corporation, dated and recorded in the office of the Register of Deeds for the County of Oakland and State of Michigan, in Liber of Mortgages on page, on which mortgage there is claimed to be due at the date of this notice for principal and interest the sum of dollars, and no suit or proceedings at law or in equity having been instituted to recover the moneys secured by said mortgage or any part thereof; now, therefore, by virtue of the power of sale contained in said mortgage and pursuant to the statute of the State of Michigan in such case made and provided, notice is hereby given that on the day of January, A. D. 1932, at twelve o'clock noon, Eastern Standard Time, said mortgage will be foreclosed by a sale at public auction to the highest bidder, at the Southerly or Huron Street entrance to the Court House in the City of Pontiac, County of Oakland, Michigan, that being the building where the Circuit Court for the County of Oakland is held, of the premises described in said mortgage, or so much thereof as may be necessary to pay the amount due as aforesaid, and any sum or sums which may be paid by the undersigned at or before said sale for taxes and insurance on said premises, and all other sums paid by the undersigned, with interest thereon, pursuant to law and to the terms of said mortgage, and all legal costs, charges and expenses, including the attorney fees allowed by law, which premises are described as follows: Lot in the subdivision of part of the Northwest quarter of Section, Town North, Range East, according to the plat thereof as recorded in Liber of Plats on page, Oakland County Records.

Default having been made in the terms and conditions of a certain mortgage made by the mortgagors to the mortgagee, a Michigan corporation, dated and recorded in the office of the Register of Deeds for the County of Oakland and State of Michigan, in Liber of Mortgages on page, on which mortgage there is claimed to be due at the date of this notice for principal and interest the sum of dollars, and no suit or proceedings at law or in equity having been instituted to recover the moneys secured by said mortgage or any part thereof; now, therefore, by virtue of the power of sale contained in said mortgage and pursuant to the statute of the State of Michigan in such case made and provided, notice is hereby given that on the day of January, A. D. 1932, at twelve o'clock noon, Eastern Standard Time, said mortgage will be foreclosed by a sale at public auction to the highest bidder, at the Southerly or Huron Street entrance to the Court House in the City of Pontiac, County of Oakland, Michigan, that being the building where the Circuit Court for the County of Oakland is held, of the premises described in said mortgage, or so much thereof as may be necessary to pay the amount due as aforesaid, and any sum or sums which may be paid by the undersigned at or before said sale for taxes and insurance on said premises, and all other sums paid by the undersigned, with interest thereon, pursuant to law and to the terms of said mortgage, and all legal costs, charges and expenses, including the attorney fees allowed by law, which premises are described as follows: Lot in the subdivision of part of the Northwest quarter of Section, Town North, Range East, according to the plat thereof as recorded in Liber of Plats on page, Oakland County Records.

Dated: October 15th, 1931.

DETROIT TRUST COMPANY, Mortgagee.

Archer F. Ritchie, Attorney, 156 West Congress Street, Detroit, Mich.

MORTGAGE SALE

Default having been made in the terms and conditions of a certain mortgage made by the mortgagors to the mortgagee, a Michigan corporation, dated and recorded in the office of the Register of Deeds for the County of Oakland and State of Michigan, in Liber of Mortgages on page, on which mortgage there is claimed to be due at the date of this notice for principal and interest the sum of dollars, and no suit or proceedings at law or in equity having been instituted to recover the moneys secured by said mortgage or any part thereof; now, therefore, by virtue of the power of sale contained in said mortgage and pursuant to the statute of the State of Michigan in such case made and provided, notice is hereby given that on the day of January, A. D. 1932, at twelve o'clock noon, Eastern Standard Time, said mortgage will be foreclosed by a sale at public auction to the highest bidder, at the Southerly or Huron Street entrance to the Court House in the City of Pontiac, County of Oakland, Michigan, that being the building where the Circuit Court for the County of Oakland is held, of the premises described in said mortgage, or so much thereof as may be necessary to pay the amount due as aforesaid, and any sum or sums which may be paid by the undersigned at or before said sale for taxes and insurance on said premises, and all other sums paid by the undersigned, with interest thereon, pursuant to law and to the terms of said mortgage, and all legal costs, charges and expenses, including the attorney fees allowed by law, which premises are described as follows: Lot in the subdivision of part of the Northwest quarter of Section, Town North, Range East, according to the plat thereof as recorded in Liber of Plats on page, Oakland County Records.

Default having been made in the terms and conditions of a certain mortgage made by the mortgagors to the mortgagee, a Michigan corporation, dated and recorded in the office of the Register of Deeds for the County of Oakland and State of Michigan, in Liber of Mortgages on page, on which mortgage there is claimed to be due at the date of this notice for principal and interest the sum of dollars, and no suit or proceedings at law or in equity having been instituted to recover the moneys secured by said mortgage or any part thereof; now, therefore, by virtue of the power of sale contained in said mortgage and pursuant to the statute of the State of Michigan in such case made and provided, notice is hereby given that on the day of January, A. D. 1932, at twelve o'clock noon, Eastern Standard Time, said mortgage will be foreclosed by a sale at public auction to the highest bidder, at the Southerly or Huron Street entrance to the Court House in the City of Pontiac, County of Oakland, Michigan, that being the building where the Circuit Court for the County of Oakland is held, of the premises described in said mortgage, or so much thereof as may be necessary to pay the amount due as aforesaid, and any sum or sums which may be paid by the undersigned at or before said sale for taxes and insurance on said premises, and all other sums paid by the undersigned, with interest thereon, pursuant to law and to the terms of said mortgage, and all legal costs, charges and expenses, including the attorney fees allowed by law, which premises are described as follows: Lot in the subdivision of part of the Northwest quarter of Section, Town North, Range East, according to the plat thereof as recorded in Liber of Plats on page, Oakland County Records.

Default having been made in the terms and conditions of a certain mortgage made by the mortgagors to the mortgagee, a Michigan corporation, dated and recorded in the office of the Register of Deeds for the County of Oakland and State of Michigan, in Liber of Mortgages on page, on which mortgage there is claimed to be due at the date of this notice for principal and interest the sum of dollars, and no suit or proceedings at law or in equity having been instituted to recover the moneys secured by said mortgage or any part thereof; now, therefore, by virtue of the power of sale contained in said mortgage and pursuant to the statute of the State of Michigan in such case made and provided, notice is hereby given that on the day of January, A. D. 1932, at twelve o'clock noon, Eastern Standard Time, said mortgage will be foreclosed by a sale at public auction to the highest bidder, at the Southerly or Huron Street entrance to the Court House in the City of Pontiac, County of Oakland, Michigan, that being the building where the Circuit Court for the County of Oakland is held, of the premises described in said mortgage, or so much thereof as may be necessary to pay the amount due as aforesaid, and any sum or sums which may be paid by the undersigned at or before said sale for taxes and insurance on said premises, and all other sums paid by the undersigned, with interest thereon, pursuant to law and to the terms of said mortgage, and all legal costs, charges and expenses, including the attorney fees allowed by law, which premises are described as follows: Lot in the subdivision of part of the Northwest quarter of Section, Town North, Range East, according to the plat thereof as recorded in Liber of Plats on page, Oakland County Records.

Dated: October 13, 1931.

PEOPLES WAYNE COUNTY BANK, Mortgagee.

Miller, Canfield, Paddock & Stone, Attorneys, 2450 Penobscot Bldg., Detroit, Mich.

MORTGAGE SALE

Default having been made in the terms and conditions of a certain mortgage made by the mortgagors to the mortgagee, a Michigan corporation, dated and recorded in the office of the Register of Deeds for the County of Oakland and State of Michigan, in Liber of Mortgages on page, on which mortgage there is claimed to be due at the date of this notice for principal and interest the sum of dollars, and no suit or proceedings at law or in equity having been instituted to recover the moneys secured by said mortgage or any part thereof; now, therefore, by virtue of the power of sale contained in said mortgage and pursuant to the statute of the State of Michigan in such case made and provided, notice is hereby given that on the day of January, A. D. 1932, at twelve o'clock noon, Eastern Standard Time, said mortgage will be foreclosed by a sale at public auction to the highest bidder, at the Southerly or Huron Street entrance to the Court House in the City of Pontiac, County of Oakland, Michigan, that being the building where the Circuit Court for the County of Oakland is held, of the premises described in said mortgage, or so much thereof as may be necessary to pay the amount due as aforesaid, and any sum or sums which may be paid by the undersigned at or before said sale for taxes and insurance on said premises, and all other sums paid by the undersigned, with interest thereon, pursuant to law and to the terms of said mortgage, and all legal costs, charges and expenses, including the attorney fees allowed by law, which premises are described as follows: Lot in the subdivision of part of the Northwest quarter of Section, Town North, Range East, according to the plat thereof as recorded in Liber of Plats on page, Oakland County Records.

Default having been made in the terms and conditions of a certain mortgage made by the mortgagors to the mortgagee, a Michigan corporation, dated and recorded in the office of the Register of Deeds for the County of Oakland and State of Michigan, in Liber of Mortgages on page, on which mortgage there is claimed to be due at the date of this notice for principal and interest the sum of dollars, and no suit or proceedings at law or in equity having been instituted to recover the moneys secured by said mortgage or any part thereof; now, therefore, by virtue of the power of sale contained in said mortgage and pursuant to the statute of the State of Michigan in such case made and provided, notice is hereby given that on the day of January, A. D. 1932, at twelve o'clock noon, Eastern Standard Time, said mortgage will be foreclosed by a sale at public auction to the highest bidder, at the Southerly or Huron Street entrance to the Court House in the City of Pontiac, County of Oakland, Michigan, that being the building where the Circuit Court for the County of Oakland is held, of the premises described in said mortgage, or so much thereof as may be necessary to pay the amount due as aforesaid, and any sum or sums which may be paid by the undersigned at or before said sale for taxes and insurance on said premises, and all other sums paid by the undersigned, with interest thereon, pursuant to law and to the terms of said mortgage, and all legal costs, charges and expenses, including the attorney fees allowed by law, which premises are described as follows: Lot in the subdivision of part of the Northwest quarter of Section, Town North, Range East, according to the plat thereof as recorded in Liber of Plats on page, Oakland County Records.

Default having been made in the terms and conditions of a certain mortgage made by the mortgagors to the mortgagee, a Michigan corporation, dated and recorded in the office of the Register of Deeds for the County of Oakland and State of Michigan, in Liber of Mortgages on page, on which mortgage there is claimed to be due at the date of this notice for principal and interest the sum of dollars, and no suit or proceedings at law or in equity having been instituted to recover the moneys secured by said mortgage or any part thereof; now, therefore, by virtue of the power of sale contained in said mortgage and pursuant to the statute of the State of Michigan in such case made and provided, notice is hereby given that on the day of January, A. D. 1932, at twelve o'clock noon, Eastern Standard Time, said mortgage will be foreclosed by a sale at public auction to the highest bidder, at the Southerly or Huron Street entrance to the Court House in the City of Pontiac, County of Oakland, Michigan, that being the building where the Circuit Court for the County of Oakland is held, of the premises described in said mortgage, or so much thereof as may be necessary to pay the amount due as aforesaid, and any sum or sums which may be paid by the undersigned at or before said sale for taxes and insurance on said premises, and all other sums paid by the undersigned, with interest thereon, pursuant to law and to the terms of said mortgage, and all legal costs, charges and expenses, including the attorney fees allowed by law, which premises are described as follows: Lot in the subdivision of part of the Northwest quarter of Section, Town North, Range East, according to the plat thereof as recorded in Liber of Plats on page, Oakland County Records.

Dated: October 15th, 1931.

DETROIT TRUST COMPANY, Mortgagee.

Semmler, Dewey, Stanton & Bushnell, Attorneys, 2303-12 Dime Bank Bldg., Detroit, Mich.

NOTICE OF FORECLOSURE SALE

Default having been made in the terms and conditions of a certain mortgage made by the mortgagors to the mortgagee, a Michigan corporation, dated and recorded in the office of the Register of Deeds for the County of Oakland and State of Michigan, in Liber of Mortgages on page, on which mortgage there is claimed to be due at the date of this notice for principal and interest the sum of dollars, and no suit or proceedings at law or in equity having been instituted to recover the moneys secured by said mortgage or any part thereof; now, therefore, by virtue of the power of sale contained in said mortgage and pursuant to the statute of the State of Michigan in such case made and provided, notice is hereby given that on the day of January, A. D. 1932, at twelve o'clock noon, Eastern Standard Time, said mortgage will be foreclosed by a sale at public auction to the highest bidder, at the Southerly or Huron Street entrance to the Court House in the City of Pontiac, County of Oakland, Michigan, that being the building where the Circuit Court for the County of Oakland is held, of the premises described in said mortgage, or so much thereof as may be necessary to pay the amount due as aforesaid, and any sum or sums which may be paid by the undersigned at or before said sale for taxes and insurance on said premises, and all other sums paid by the undersigned, with interest thereon, pursuant to law and to the terms of said mortgage, and all legal costs, charges and expenses, including the attorney fees allowed by law, which premises are described as follows: Lot in the subdivision of part of the Northwest quarter of Section, Town North, Range East, according to the plat thereof as recorded in Liber of Plats on page, Oakland County Records.

Default having been made in the terms and conditions of a certain mortgage made by the mortgagors to the mortgagee, a Michigan corporation, dated and recorded in the office of the Register of Deeds for the County of Oakland and State of Michigan, in Liber of Mortgages on page, on which mortgage there is claimed to be due at the date of this notice for principal and interest the sum of dollars, and no suit or proceedings at law or in equity having been instituted to recover the moneys secured by said mortgage or any part thereof; now, therefore, by virtue of the power of sale contained in said mortgage and pursuant to the statute of the State of Michigan in such case made and provided, notice is hereby given that on the day of January, A. D. 1932, at twelve o'clock noon, Eastern Standard Time, said mortgage will be foreclosed by a sale at public auction to the highest bidder, at the Southerly or Huron Street entrance to the Court House in the City of Pontiac, County of Oakland, Michigan, that being the building where the Circuit Court for the County of Oakland is held, of the premises described in said mortgage, or so much thereof as may be necessary to pay the amount due as aforesaid, and any sum or sums which may be paid by the undersigned at or before said sale for taxes and insurance on said premises, and all other sums paid by the undersigned, with interest thereon, pursuant to law and to the terms of said mortgage, and all legal costs, charges and expenses, including the attorney fees allowed by law, which premises are described as follows: Lot in the subdivision of part of the Northwest quarter of Section, Town North, Range East, according to the plat thereof as recorded in Liber of Plats on page, Oakland County Records.

Default having been made in the terms and conditions of a certain mortgage made by the mortgagors to the mortgagee, a Michigan corporation, dated and recorded in the office of the Register of Deeds for the County of Oakland and State of Michigan, in Liber of Mortgages on page, on which mortgage there is claimed to be due at the date of this notice for principal and interest the sum of dollars, and no suit or proceedings at law or in equity having been instituted to recover the moneys secured by said mortgage or any part thereof; now, therefore, by virtue of the power of sale contained in said mortgage and pursuant to the statute of the State of Michigan in such case made and provided, notice is hereby given that on the day of January, A. D. 1932, at twelve o'clock noon, Eastern Standard Time, said mortgage will be foreclosed by a sale at public auction to the highest bidder, at the Southerly or Huron Street entrance to the Court House in the City of Pontiac, County of Oakland, Michigan, that being the building where the Circuit Court for the County of Oakland is held, of the premises described in said mortgage, or so much thereof as may be necessary to pay the amount due as aforesaid, and any sum or sums which may be paid by the undersigned at or before said sale for taxes and insurance on said premises, and all other sums paid by the undersigned, with interest thereon, pursuant to law and to the terms of said mortgage, and all legal costs, charges and expenses, including the attorney fees allowed by law, which premises are described as follows: Lot in the subdivision of part of the Northwest quarter of Section, Town North, Range East, according to the plat thereof as recorded in Liber of Plats on page, Oakland County Records.

Dated: October 17, 1931.

ELLA B. MILLARD, his wife, Mortgagees.

Robert R. Lewiston, Attorney, 2119 First National Bank Bldg., Detroit, Mich.

NOTICE OF FORECLOSURE SALE

Default having been made in the terms and conditions of a certain mortgage made by the mortgagors to the mortgagee, a Michigan corporation, dated and recorded in the office of the Register of Deeds for the County of Oakland and State of Michigan, in Liber of Mortgages on page, on which mortgage there is claimed to be due at the date of this notice for principal and interest the sum of dollars, and no suit or proceedings at law or in equity having been instituted to recover the moneys secured by said mortgage or any part thereof; now, therefore, by virtue of the power of sale contained in said mortgage and pursuant to the statute of the State of Michigan in such case made and provided, notice is hereby given that on the day of January, A. D. 1932, at twelve o'clock noon, Eastern Standard Time, said mortgage will be foreclosed by a sale at public auction to the highest bidder, at the Southerly or Huron Street entrance to the Court House in the City of Pontiac, County of Oakland, Michigan, that being the building where the Circuit Court for the County of Oakland is held, of the premises described in said mortgage, or so much thereof as may be necessary to pay the amount due as aforesaid, and any sum or sums which may be paid by the undersigned at or before said sale for taxes and insurance on said premises, and all other sums paid by the undersigned, with interest thereon, pursuant to law and to the terms of said mortgage, and all legal costs, charges and expenses, including the attorney fees allowed by law, which premises are described as follows: Lot in the subdivision of part of the Northwest quarter of Section, Town North, Range East, according to the plat thereof as recorded in Liber of Plats on page, Oakland County Records.

Default having been made in the terms and conditions of a certain mortgage made by the mortgagors to the mortgagee, a Michigan corporation, dated and recorded in the office of the Register of Deeds for the County of Oakland and State of Michigan, in Liber of Mortgages on page, on which mortgage there is claimed to be due at the date of this notice for principal and interest the sum of dollars, and no suit or proceedings at law or in equity having been instituted to recover the moneys secured by said mortgage or any part thereof; now, therefore, by virtue of the power of sale contained in said mortgage and pursuant to the statute of the State of Michigan in such case made and provided, notice is hereby given that on the day of January, A. D. 1932, at twelve o'clock noon, Eastern Standard Time, said mortgage will be foreclosed by a sale at public auction to the highest bidder, at the Southerly or Huron Street entrance to the Court House in the City of Pontiac, County of Oakland, Michigan, that being the building where the Circuit Court for the County of Oakland is held, of the premises described in said mortgage, or so much thereof as may be necessary to pay the amount due as aforesaid, and any sum or sums which may be paid by the undersigned at or before said sale for taxes and insurance on said premises, and all other sums paid by the undersigned, with interest thereon, pursuant to law and to the terms of said mortgage, and all legal costs, charges and expenses, including the attorney fees allowed by law, which premises are described as follows: Lot in the subdivision of part of the Northwest quarter of Section, Town North, Range East, according to the plat thereof as recorded in Liber of Plats on page, Oakland County Records.

Default having been made in the terms and conditions of a certain mortgage made by the mortgagors to the mortgagee, a Michigan corporation, dated and recorded in the office of the Register of Deeds for the County of Oakland and State of Michigan, in Liber of Mortgages on page, on which mortgage there is claimed to be due at the date of this notice for principal and interest the sum of dollars, and no suit or proceedings at law or in equity having been instituted to recover the moneys secured by said mortgage or any part thereof; now, therefore, by virtue of the power of sale contained in said mortgage and pursuant to the statute of the State of Michigan in such case made and provided, notice is hereby given that on the day of January, A. D. 1932, at twelve o'clock noon, Eastern Standard Time, said mortgage will be foreclosed by a sale at public auction to the highest bidder, at the Southerly or Huron Street entrance to the Court House in the City of Pontiac, County of Oakland, Michigan, that being the building where the Circuit Court for the County of Oakland is held, of the premises described in said mortgage, or so much thereof as may be necessary to pay the amount due as aforesaid, and any sum or sums which may be paid by the undersigned at or before said sale for taxes and insurance on said premises, and all other sums paid by the undersigned, with interest thereon, pursuant to law and to the terms of said mortgage, and all legal costs, charges and expenses, including the attorney fees allowed by law, which premises are described as follows: Lot in the subdivision of part of the Northwest quarter of Section, Town North, Range East, according to the plat thereof as recorded in Liber of Plats on page, Oakland County Records.

Dated: October 13, 1931.

PENNOR & SMITH, INC., Assignee of Mortgagee.

Miller, Canfield, Paddock & Stone, Attorneys, 2450 Penobscot Bldg., Detroit, Mich.

MORTGAGE SALE

Default having been made in the terms and conditions of a certain mortgage made by the mortgagors to the mortgagee, a Michigan corporation, dated and recorded in the office of the Register of Deeds for the County of Oakland and State of Michigan, in Liber of Mortgages on page, on which mortgage there is claimed to be due at the date of this notice for principal and interest the sum of dollars, and no suit or proceedings at law or in equity having been instituted to recover the moneys secured by said mortgage or any part thereof; now, therefore, by virtue of the power of sale contained in said mortgage and pursuant to the statute of the State of Michigan in such case made and provided, notice is hereby given that on the day of January, A. D. 1932, at twelve o'clock noon, Eastern Standard Time, said mortgage will be foreclosed by a sale at public auction to the highest bidder, at the Southerly or Huron Street entrance to the Court House in the City of Pontiac, County of Oakland, Michigan, that being the building where the Circuit Court for the County of Oakland is held, of the premises described in said mortgage, or so much thereof as may be necessary to pay the amount due as aforesaid, and any sum or sums which may be paid by the undersigned at or before said sale for taxes and insurance on said premises, and all other sums paid by the undersigned, with interest thereon, pursuant to law and to the terms of said mortgage, and all legal costs, charges and expenses, including the attorney fees allowed by law, which premises are described as follows: Lot in the subdivision of part of the Northwest quarter of Section, Town North, Range East, according to the plat thereof as recorded in Liber of Plats on page, Oakland County Records.

Default having been made in the terms and conditions of a certain mortgage made by the mortgagors to the mortgagee, a Michigan corporation, dated and recorded in the office of the Register of Deeds for the County of Oakland and State of Michigan, in Liber of Mortgages on page, on which mortgage there is claimed to be due at the date of this notice for principal and interest the sum of dollars, and no suit or proceedings at law or in equity having been instituted to recover the moneys secured by said mortgage or any part thereof; now, therefore, by virtue of the power of sale contained in said mortgage and pursuant to the statute of the State of Michigan in such case made and provided, notice is hereby given that on the day of January, A. D. 1932, at twelve o'clock noon, Eastern Standard Time, said mortgage will be foreclosed by a sale at public auction to the highest bidder, at the Southerly or Huron Street entrance to the Court House in the City of Pontiac, County of Oakland, Michigan, that being the building where the Circuit Court for the County of Oakland is held, of the premises described in said mortgage, or so much thereof as may be necessary to pay the amount due as aforesaid, and any sum or sums which may be paid by the undersigned at or before said sale for taxes and insurance on said premises, and all other sums paid by the undersigned, with interest thereon, pursuant to law and to the terms of said mortgage, and all legal costs, charges and expenses, including the attorney fees allowed by law, which premises are described as follows: Lot in the subdivision of part of the Northwest quarter of Section, Town North, Range East, according to the plat thereof as recorded in Liber of Plats on page, Oakland County Records.

Default having been made in the terms and conditions of a certain mortgage made by the mortgagors to the mortgagee, a Michigan corporation, dated and recorded in the office of the Register of Deeds for the County of Oakland and State of Michigan, in Liber of Mortgages on page, on which mortgage there is claimed to be due at the date of this notice for principal and interest the sum of dollars, and no suit or proceedings at law or in equity having been instituted to recover the moneys secured by said mortgage or any part thereof; now, therefore, by virtue of the power of sale contained in said mortgage and pursuant to the statute of the State of Michigan in such case made and provided, notice is hereby given that on the day of January, A. D. 1932, at twelve o'clock noon, Eastern Standard Time, said mortgage will be foreclosed by a sale at public auction to the highest bidder, at the Southerly or Huron Street entrance to the Court House in the City of Pontiac, County of Oakland, Michigan, that being the building where the Circuit Court for the County of Oakland is held, of the premises described in said mortgage, or so much thereof as may be necessary to pay the amount due as aforesaid, and any sum or sums which may be paid by the undersigned at or before said sale for taxes and insurance on said premises, and all other sums paid by the undersigned, with interest thereon, pursuant to law and to the terms of said mortgage, and all legal costs, charges and expenses, including the attorney fees allowed by law, which premises are described as follows: Lot in the subdivision of part of the Northwest quarter of Section, Town North, Range East, according to the plat thereof as recorded in Liber of Plats on page, Oakland County Records.

Dated: October 15th, 1931.

DETROIT TRUST COMPANY, Mortgagee.
